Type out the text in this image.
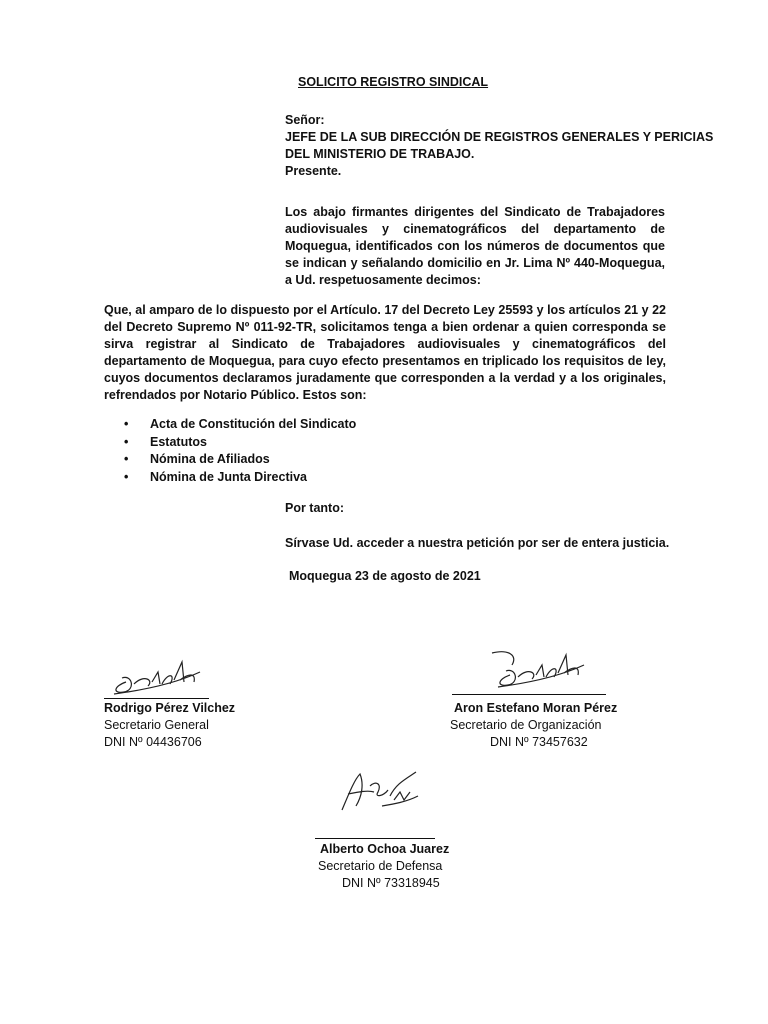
SOLICITO REGISTRO SINDICAL
Señor:
JEFE DE LA SUB DIRECCIÓN DE REGISTROS GENERALES Y PERICIAS
DEL MINISTERIO DE TRABAJO.
Presente.
Los abajo firmantes dirigentes del Sindicato de Trabajadores audiovisuales y cinematográficos del departamento de Moquegua, identificados con los números de documentos que se indican y señalando domicilio en Jr. Lima Nº 440-Moquegua, a Ud. respetuosamente decimos:
Que, al amparo de lo dispuesto por el Artículo. 17 del Decreto Ley 25593 y los artículos 21 y 22 del Decreto Supremo Nº 011-92-TR, solicitamos tenga a bien ordenar a quien corresponda se sirva registrar al Sindicato de Trabajadores audiovisuales y cinematográficos del departamento de Moquegua, para cuyo efecto presentamos en triplicado los requisitos de ley, cuyos documentos declaramos juradamente que corresponden a la verdad y a los originales, refrendados por Notario Público. Estos son:
• Acta de Constitución del Sindicato
• Estatutos
• Nómina de Afiliados
• Nómina de Junta Directiva
Por tanto:
Sírvase Ud. acceder a nuestra petición por ser de entera justicia.
Moquegua 23 de agosto de 2021
Rodrigo Pérez Vilchez
Secretario General
DNI Nº 04436706
Aron Estefano Moran Pérez
Secretario de Organización
DNI Nº 73457632
Alberto Ochoa Juarez
Secretario de Defensa
DNI Nº 73318945
